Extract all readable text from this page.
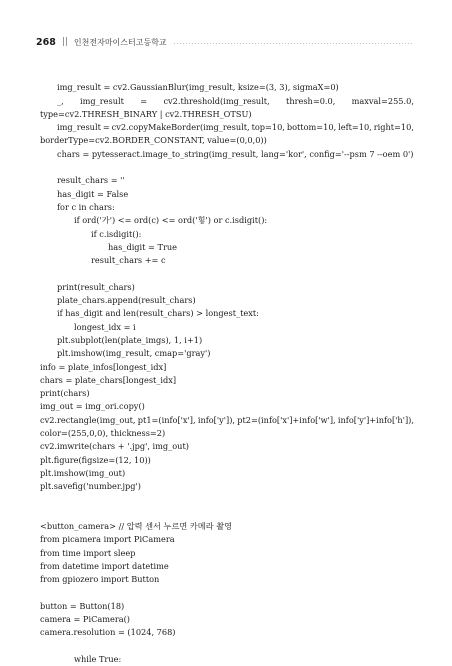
268 || 인천전자마이스터고등학교
img_result = cv2.GaussianBlur(img_result, ksize=(3, 3), sigmaX=0)
_, img_result = cv2.threshold(img_result, thresh=0.0, maxval=255.0,
type=cv2.THRESH_BINARY | cv2.THRESH_OTSU)
img_result = cv2.copyMakeBorder(img_result, top=10, bottom=10, left=10, right=10,
borderType=cv2.BORDER_CONSTANT, value=(0,0,0))
chars = pytesseract.image_to_string(img_result, lang='kor', config='--psm 7 --oem 0')
result_chars = ''
has_digit = False
for c in chars:
if ord('가') <= ord(c) <= ord('힣') or c.isdigit():
if c.isdigit():
has_digit = True
result_chars += c
print(result_chars)
plate_chars.append(result_chars)
if has_digit and len(result_chars) > longest_text:
longest_idx = i
plt.subplot(len(plate_imgs), 1, i+1)
plt.imshow(img_result, cmap='gray')
info = plate_infos[longest_idx]
chars = plate_chars[longest_idx]
print(chars)
img_out = img_ori.copy()
cv2.rectangle(img_out, pt1=(info['x'], info['y']), pt2=(info['x']+info['w'], info['y']+info['h']),
color=(255,0,0), thickness=2)
cv2.imwrite(chars + '.jpg', img_out)
plt.figure(figsize=(12, 10))
plt.imshow(img_out)
plt.savefig('number.jpg')
<button_camera> // 압력 센서 누르면 카메라 촬영
from picamera import PiCamera
from time import sleep
from datetime import datetime
from gpiozero import Button
button = Button(18)
camera = PiCamera()
camera.resolution = (1024, 768)
while True:
